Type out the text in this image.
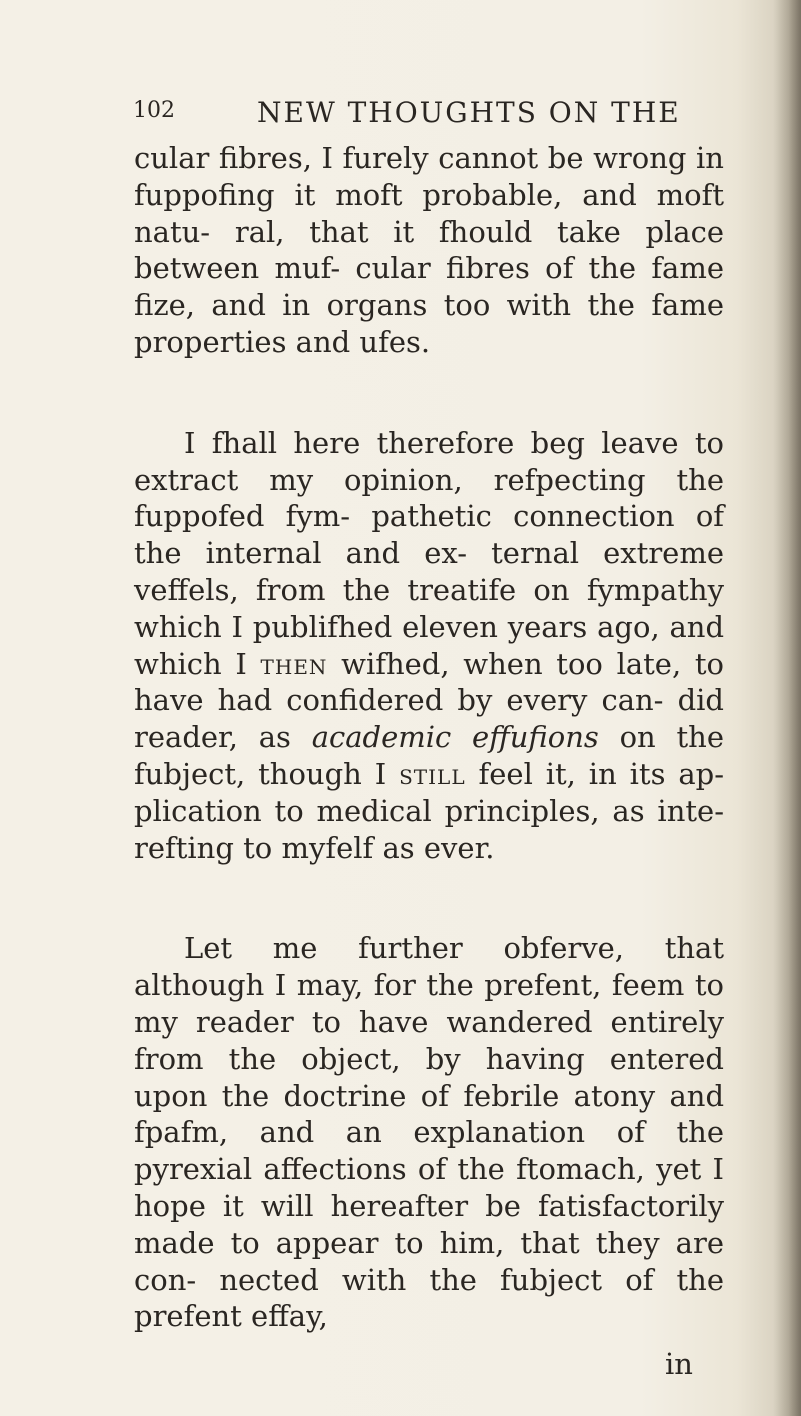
102	NEW THOUGHTS ON THE

cular fibres, I furely cannot be wrong in fuppofing it moft probable, and moft natu- ral, that it fhould take place between muf- cular fibres of the fame fize, and in organs too with the fame properties and ufes.

I fhall here therefore beg leave to extract my opinion, refpecting the fuppofed fym- pathetic connection of the internal and ex- ternal extreme veffels, from the treatife on fympathy which I publifhed eleven years ago, and which I then wifhed, when too late, to have had confidered by every can- did reader, as academic effufions on the fubject, though I still feel it, in its ap- plication to medical principles, as inte- refting to myfelf as ever.

Let me further obferve, that although I may, for the prefent, feem to my reader to have wandered entirely from the object, by having entered upon the doctrine of febrile atony and fpafm, and an explanation of the pyrexial affections of the ftomach, yet I hope it will hereafter be fatisfactorily made to appear to him, that they are con- nected with the fubject of the prefent effay,

in
